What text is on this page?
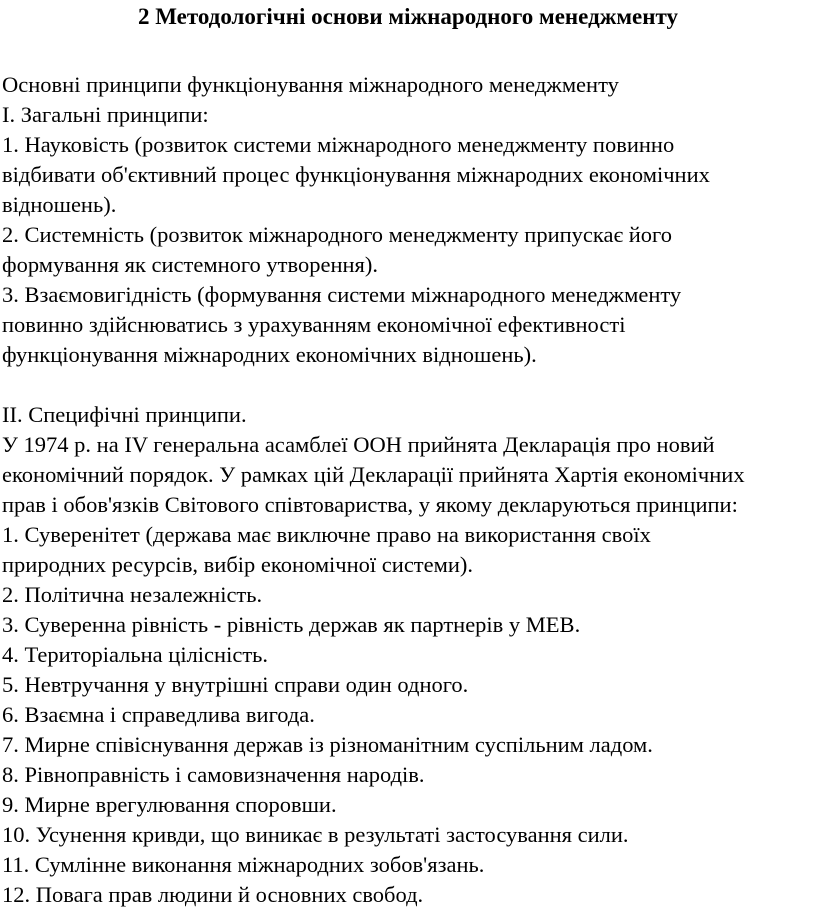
2 Методологічні основи міжнародного менеджменту
Основні принципи функціонування міжнародного менеджменту
І. Загальні принципи:
1. Науковість (розвиток системи міжнародного менеджменту повинно
відбивати об'єктивний процес функціонування міжнародних економічних
відношень).
2. Системність (розвиток міжнародного менеджменту припускає його
формування як системного утворення).
3. Взаємовигідність (формування системи міжнародного менеджменту
повинно здійснюватись з урахуванням економічної ефективності
функціонування міжнародних економічних відношень).
ІІ. Специфічні принципи.
У 1974 р. на IV генеральна асамблеї ООН прийнята Декларація про новий
економічний порядок. У рамках цій Декларації прийнята Хартія економічних
прав і обов'язків Світового співтовариства, у якому декларуються принципи:
1. Суверенітет (держава має виключне право на використання своїх
природних ресурсів, вибір економічної системи).
2. Політична незалежність.
3. Суверенна рівність - рівність держав як партнерів у МЕВ.
4. Територіальна цілісність.
5. Невтручання у внутрішні справи один одного.
6. Взаємна і справедлива вигода.
7. Мирне співіснування держав із різноманітним суспільним ладом.
8. Рівноправність і самовизначення народів.
9. Мирне врегулювання споровши.
10. Усунення кривди, що виникає в результаті застосування сили.
11. Сумлінне виконання міжнародних зобов'язань.
12. Повага прав людини й основних свобод.
